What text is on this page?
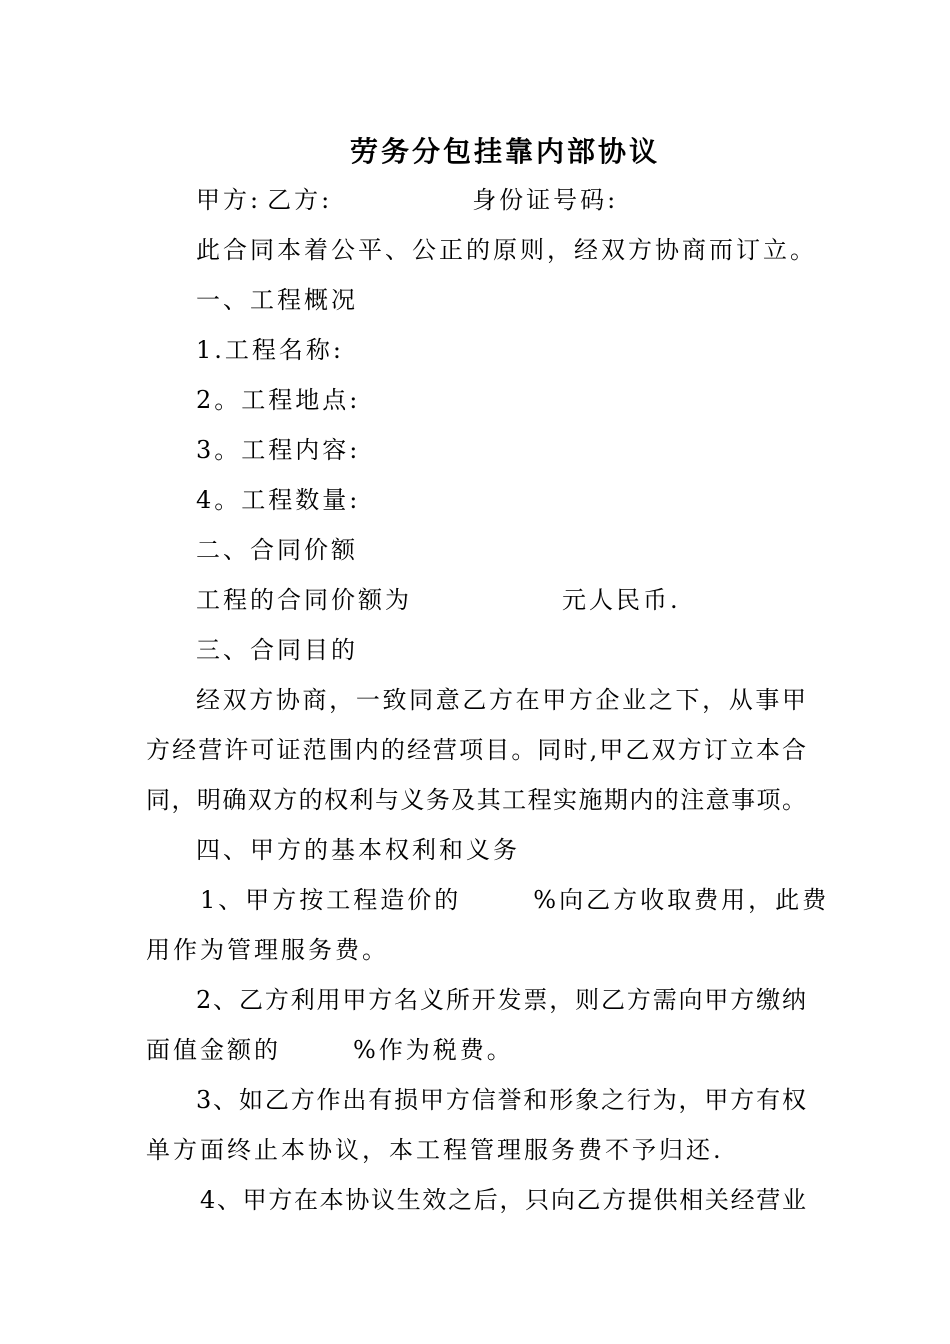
劳务分包挂靠内部协议
甲方: 乙方:	身份证号码:
此合同本着公平、公正的原则，经双方协商而订立。
一、工程概况
1.工程名称:
2。工程地点:
3。工程内容:
4。工程数量:
二、合同价额
工程的合同价额为	元人民币.
三、合同目的
经双方协商，一致同意乙方在甲方企业之下，从事甲
方经营许可证范围内的经营项目。同时,甲乙双方订立本合
同，明确双方的权利与义务及其工程实施期内的注意事项。
四、甲方的基本权利和义务
1、甲方按工程造价的	%向乙方收取费用，此费
用作为管理服务费。
2、乙方利用甲方名义所开发票，则乙方需向甲方缴纳
面值金额的	%作为税费。
3、如乙方作出有损甲方信誉和形象之行为，甲方有权
单方面终止本协议，本工程管理服务费不予归还.
4、甲方在本协议生效之后，只向乙方提供相关经营业
